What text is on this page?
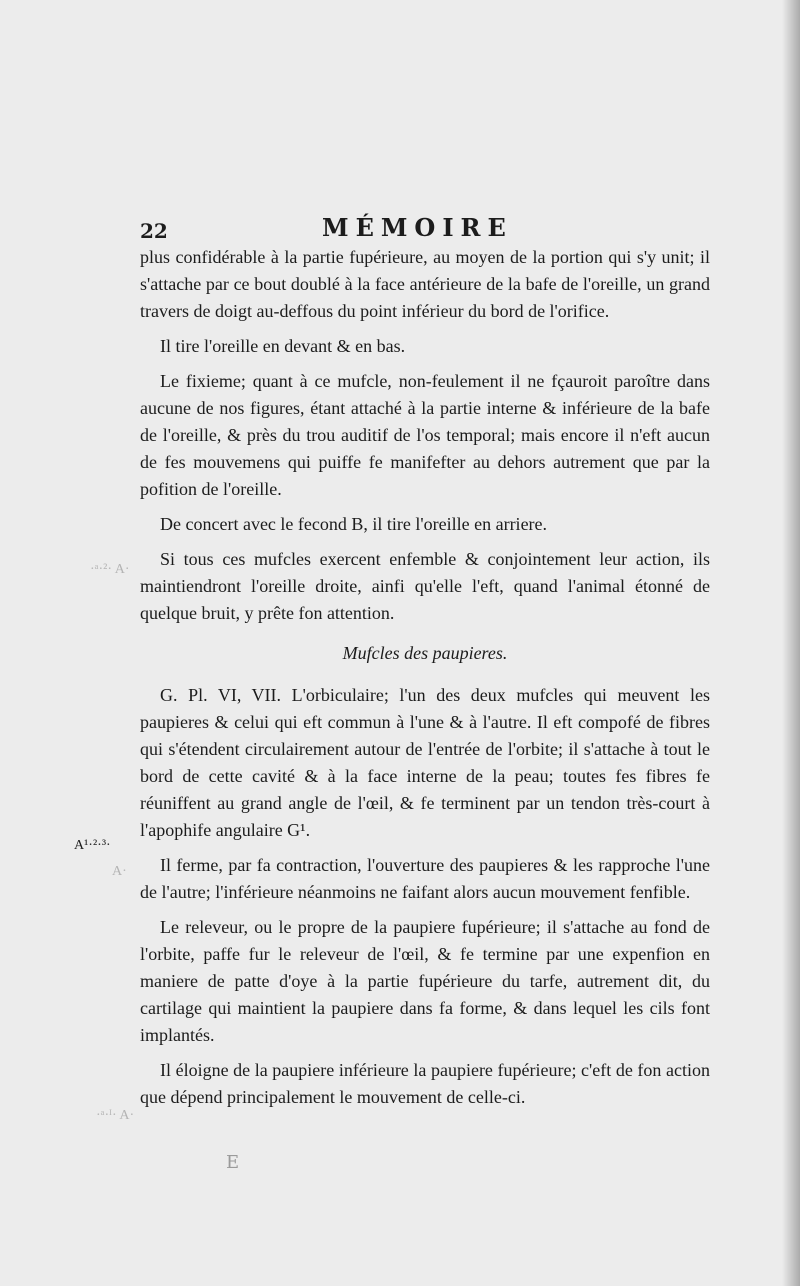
22	MÉMOIRE

plus confidérable à la partie fupérieure, au moyen de la portion qui s'y unit; il s'attache par ce bout doublé à la face antérieure de la bafe de l'oreille, un grand travers de doigt au-deffous du point inférieur du bord de l'orifice.

Il tire l'oreille en devant & en bas.

Le fixieme; quant à ce mufcle, non-feulement il ne fçauroit paroître dans aucune de nos figures, étant attaché à la partie interne & inférieure de la bafe de l'oreille, & près du trou auditif de l'os temporal; mais encore il n'eft aucun de fes mouvemens qui puiffe fe manifefter au dehors autrement que par la pofition de l'oreille.

De concert avec le fecond B, il tire l'oreille en arriere.

Si tous ces mufcles exercent enfemble & conjointement leur action, ils maintiendront l'oreille droite, ainfi qu'elle l'eft, quand l'animal étonné de quelque bruit, y prête fon attention.

Mufcles des paupieres.

G. Pl. VI, VII. L'orbiculaire; l'un des deux mufcles qui meuvent les paupieres & celui qui eft commun à l'une & à l'autre. Il eft compofé de fibres qui s'étendent circulairement autour de l'entrée de l'orbite; il s'attache à tout le bord de cette cavité & à la face interne de la peau; toutes fes fibres fe réuniffent au grand angle de l'œil, & fe terminent par un tendon très-court à l'apophife angulaire G¹.

Il ferme, par fa contraction, l'ouverture des paupieres & les rapproche l'une de l'autre; l'inférieure néanmoins ne faifant alors aucun mouvement fenfible.

Le releveur, ou le propre de la paupiere fupérieure; il s'attache au fond de l'orbite, paffe fur le releveur de l'œil, & fe termine par une expenfion en maniere de patte d'oye à la partie fupérieure du tarfe, autrement dit, du cartilage qui maintient la paupiere dans fa forme, & dans lequel les cils font implantés.

Il éloigne de la paupiere inférieure la paupiere fupérieure; c'eft de fon action que dépend principalement le mouvement de celle-ci.

·ᵃ·²· A·
A¹·²·³·
A·
·ᵃ·ᴵ· A·
E
